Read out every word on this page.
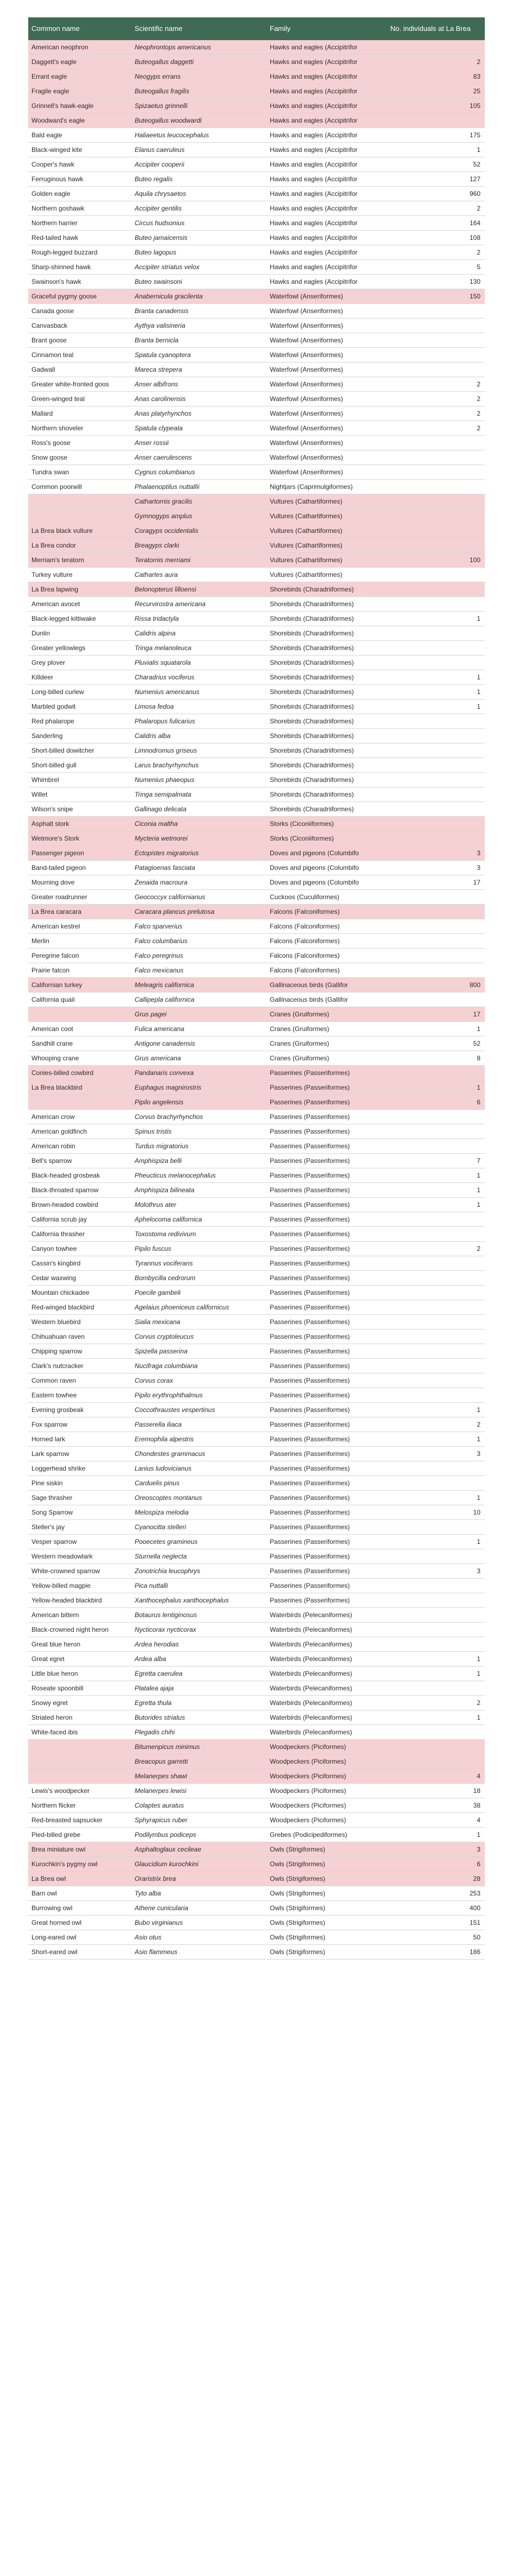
Common name	Scientific name	Family	No. individuals at La Brea
American neophron	Neophrontops americanus	Hawks and eagles (Accipitrifor	
Daggett's eagle	Buteogallus daggetti	Hawks and eagles (Accipitrifor	2
Errant eagle	Neogyps errans	Hawks and eagles (Accipitrifor	83
Fragile eagle	Buteogallus fragilis	Hawks and eagles (Accipitrifor	25
Grinnell's hawk-eagle	Spizaetus grinnelli	Hawks and eagles (Accipitrifor	105
Woodward's eagle	Buteogallus woodwardi	Hawks and eagles (Accipitrifor	
Bald eagle	Haliaeetus leucocephalus	Hawks and eagles (Accipitrifor	175
Black-winged kite	Elanus caeruleus	Hawks and eagles (Accipitrifor	1
Cooper's hawk	Accipiter cooperii	Hawks and eagles (Accipitrifor	52
Ferruginous hawk	Buteo regalis	Hawks and eagles (Accipitrifor	127
Golden eagle	Aquila chrysaetos	Hawks and eagles (Accipitrifor	960
Northern goshawk	Accipiter gentilis	Hawks and eagles (Accipitrifor	2
Northern harrier	Circus hudsonius	Hawks and eagles (Accipitrifor	164
Red-tailed hawk	Buteo jamaicensis	Hawks and eagles (Accipitrifor	108
Rough-legged buzzard	Buteo lagopus	Hawks and eagles (Accipitrifor	2
Sharp-shinned hawk	Accipiter striatus velox	Hawks and eagles (Accipitrifor	5
Swainson's hawk	Buteo swainsoni	Hawks and eagles (Accipitrifor	130
Graceful pygmy goose	Anabernicula gracilenta	Waterfowl (Anseriformes)	150
Canada goose	Branta canadensis	Waterfowl (Anseriformes)	
Canvasback	Aythya valisineria	Waterfowl (Anseriformes)	
Brant goose	Branta bernicla	Waterfowl (Anseriformes)	
Cinnamon teal	Spatula cyanoptera	Waterfowl (Anseriformes)	
Gadwall	Mareca strepera	Waterfowl (Anseriformes)	
Greater white-fronted goos	Anser albifrons	Waterfowl (Anseriformes)	2
Green-winged teal	Anas carolinensis	Waterfowl (Anseriformes)	2
Mallard	Anas platyrhynchos	Waterfowl (Anseriformes)	2
Northern shoveler	Spatula clypeata	Waterfowl (Anseriformes)	2
Ross's goose	Anser rossii	Waterfowl (Anseriformes)	
Snow goose	Anser caerulescens	Waterfowl (Anseriformes)	
Tundra swan	Cygnus columbianus	Waterfowl (Anseriformes)	
Common poorwill	Phalaenoptilus nuttallii	Nightjars (Caprimulgiformes)	
	Cathartornis gracilis	Vultures (Cathartiformes)	
	Gymnogyps amplus	Vultures (Cathartiformes)	
La Brea black vulture	Coragyps occidentalis	Vultures (Cathartiformes)	
La Brea condor	Breagyps clarki	Vultures (Cathartiformes)	
Merriam's teratorn	Teratornis merriami	Vultures (Cathartiformes)	100
Turkey vulture	Cathartes aura	Vultures (Cathartiformes)	
La Brea lapwing	Belonopterus lilloensi	Shorebirds (Charadriiformes)	
American avocet	Recurvirostra americana	Shorebirds (Charadriiformes)	
Black-legged kittiwake	Rissa tridactyla	Shorebirds (Charadriiformes)	1
Dunlin	Calidris alpina	Shorebirds (Charadriiformes)	
Greater yellowlegs	Tringa melanoleuca	Shorebirds (Charadriiformes)	
Grey plover	Pluvialis squatarola	Shorebirds (Charadriiformes)	
Killdeer	Charadrius vociferus	Shorebirds (Charadriiformes)	1
Long-billed curlew	Numenius americanus	Shorebirds (Charadriiformes)	1
Marbled godwit	Limosa fedoa	Shorebirds (Charadriiformes)	1
Red phalarope	Phalaropus fulicarius	Shorebirds (Charadriiformes)	
Sanderling	Calidris alba	Shorebirds (Charadriiformes)	
Short-billed dowitcher	Limnodromus griseus	Shorebirds (Charadriiformes)	
Short-billed gull	Larus brachyrhynchus	Shorebirds (Charadriiformes)	
Whimbrel	Numenius phaeopus	Shorebirds (Charadriiformes)	
Willet	Tringa semipalmata	Shorebirds (Charadriiformes)	
Wilson's snipe	Gallinago delicata	Shorebirds (Charadriiformes)	
Asphalt stork	Ciconia maltha	Storks (Ciconiiformes)	
Wetmore's Stork	Mycteria wetmorei	Storks (Ciconiiformes)	
Passenger pigeon	Ectopistes migratorius	Doves and pigeons (Columbifo	3
Band-tailed pigeon	Patagioenas fasciata	Doves and pigeons (Columbifo	3
Mourning dove	Zenaida macroura	Doves and pigeons (Columbifo	17
Greater roadrunner	Geococcyx californianus	Cuckoos (Cuculiformes)	
La Brea caracara	Caracara plancus prelutosa	Falcons (Falconiformes)	
American kestrel	Falco sparverius	Falcons (Falconiformes)	
Merlin	Falco columbarius	Falcons (Falconiformes)	
Peregrine falcon	Falco peregrinus	Falcons (Falconiformes)	
Prairie falcon	Falco mexicanus	Falcons (Falconiformes)	
Californian turkey	Meleagris californica	Gallinaceous birds (Gallifor	800
California quail	Callipepla californica	Gallinaceous birds (Gallifor	
	Grus pagei	Cranes (Gruiformes)	17
American coot	Fulica americana	Cranes (Gruiformes)	1
Sandhill crane	Antigone canadensis	Cranes (Gruiformes)	52
Whooping crane	Grus americana	Cranes (Gruiformes)	8
Conies-billed cowbird	Pandanaris convexa	Passerines (Passeriformes)	
La Brea blackbird	Euphagus magnirostris	Passerines (Passeriformes)	1
	Pipilo angelensis	Passerines (Passeriformes)	6
American crow	Corvus brachyrhynchos	Passerines (Passeriformes)	
American goldfinch	Spinus tristis	Passerines (Passeriformes)	
American robin	Turdus migratorius	Passerines (Passeriformes)	
Bell's sparrow	Amphispiza belli	Passerines (Passeriformes)	7
Black-headed grosbeak	Pheucticus melanocephalus	Passerines (Passeriformes)	1
Black-throated sparrow	Amphispiza bilineata	Passerines (Passeriformes)	1
Brown-headed cowbird	Molothrus ater	Passerines (Passeriformes)	1
California scrub jay	Aphelocoma californica	Passerines (Passeriformes)	
California thrasher	Toxostoma redivivum	Passerines (Passeriformes)	
Canyon towhee	Pipilo fuscus	Passerines (Passeriformes)	2
Cassin's kingbird	Tyrannus vociferans	Passerines (Passeriformes)	
Cedar waxwing	Bombycilla cedrorum	Passerines (Passeriformes)	
Mountain chickadee	Poecile gambeli	Passerines (Passeriformes)	
Red-winged blackbird	Agelaius phoeniceus californicus	Passerines (Passeriformes)	
Western bluebird	Sialia mexicana	Passerines (Passeriformes)	
Chihuahuan raven	Corvus cryptoleucus	Passerines (Passeriformes)	
Chipping sparrow	Spizella passerina	Passerines (Passeriformes)	
Clark's nutcracker	Nucifraga columbiana	Passerines (Passeriformes)	
Common raven	Corvus corax	Passerines (Passeriformes)	
Eastern towhee	Pipilo erythrophthalmus	Passerines (Passeriformes)	
Evening grosbeak	Coccothraustes vespertinus	Passerines (Passeriformes)	1
Fox sparrow	Passerella iliaca	Passerines (Passeriformes)	2
Horned lark	Eremophila alpestris	Passerines (Passeriformes)	1
Lark sparrow	Chondestes grammacus	Passerines (Passeriformes)	3
Loggerhead shrike	Lanius ludovicianus	Passerines (Passeriformes)	
Pine siskin	Carduelis pinus	Passerines (Passeriformes)	
Sage thrasher	Oreoscoptes montanus	Passerines (Passeriformes)	1
Song Sparrow	Melospiza melodia	Passerines (Passeriformes)	10
Steller's jay	Cyanocitta stelleri	Passerines (Passeriformes)	
Vesper sparrow	Pooecetes gramineus	Passerines (Passeriformes)	1
Western meadowlark	Sturnella neglecta	Passerines (Passeriformes)	
White-crowned sparrow	Zonotrichia leucophrys	Passerines (Passeriformes)	3
Yellow-billed magpie	Pica nuttalli	Passerines (Passeriformes)	
Yellow-headed blackbird	Xanthocephalus xanthocephalus	Passerines (Passeriformes)	
American bittern	Botaurus lentiginosus	Waterbirds (Pelecaniformes)	
Black-crowned night heron	Nycticorax nycticorax	Waterbirds (Pelecaniformes)	
Great blue heron	Ardea herodias	Waterbirds (Pelecaniformes)	
Great egret	Ardea alba	Waterbirds (Pelecaniformes)	1
Little blue heron	Egretta caerulea	Waterbirds (Pelecaniformes)	1
Roseate spoonbill	Platalea ajaja	Waterbirds (Pelecaniformes)	
Snowy egret	Egretta thula	Waterbirds (Pelecaniformes)	2
Striated heron	Butorides striatus	Waterbirds (Pelecaniformes)	1
White-faced ibis	Plegadis chihi	Waterbirds (Pelecaniformes)	
	Bitumenpicus minimus	Woodpeckers (Piciformes)	
	Breacopus garretti	Woodpeckers (Piciformes)	
	Melanerpes shawi	Woodpeckers (Piciformes)	4
Lewis's woodpecker	Melanerpes lewisi	Woodpeckers (Piciformes)	18
Northern flicker	Colaptes auratus	Woodpeckers (Piciformes)	38
Red-breasted sapsucker	Sphyrapicus ruber	Woodpeckers (Piciformes)	4
Pied-billed grebe	Podilymbus podiceps	Grebes (Podicipediformes)	1
Brea miniature owl	Asphaltoglaux cecileae	Owls (Strigiformes)	3
Kurochkin's pygmy owl	Glaucidium kurochkini	Owls (Strigiformes)	6
La Brea owl	Oraristrix brea	Owls (Strigiformes)	28
Barn owl	Tyto alba	Owls (Strigiformes)	253
Burrowing owl	Athene cunicularia	Owls (Strigiformes)	400
Great horned owl	Bubo virginianus	Owls (Strigiformes)	151
Long-eared owl	Asio otus	Owls (Strigiformes)	50
Short-eared owl	Asio flammeus	Owls (Strigiformes)	186
